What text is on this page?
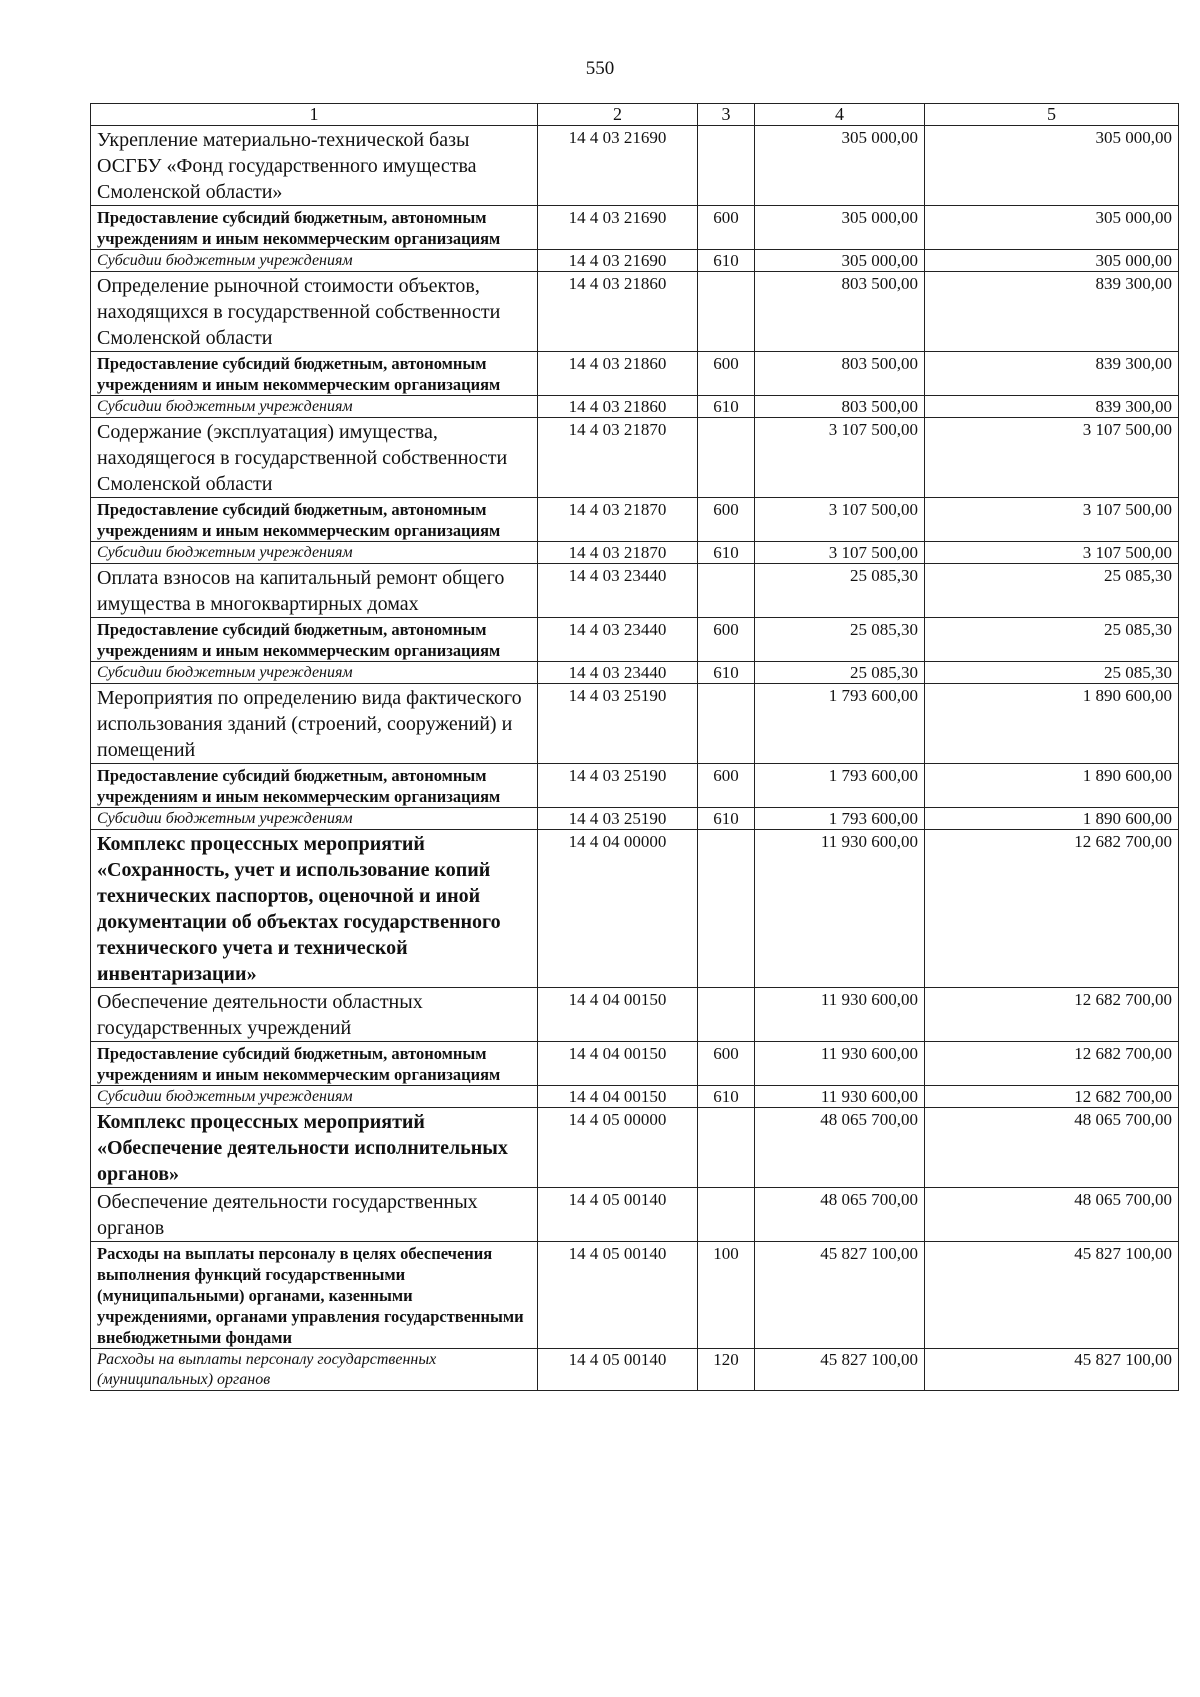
550
1	2	3	4	5
Укрепление материально-технической базы ОСГБУ «Фонд государственного имущества Смоленской области»	14 4 03 21690		305 000,00	305 000,00
Предоставление субсидий бюджетным, автономным учреждениям и иным некоммерческим организациям	14 4 03 21690	600	305 000,00	305 000,00
Субсидии бюджетным учреждениям	14 4 03 21690	610	305 000,00	305 000,00
Определение рыночной стоимости объектов, находящихся в государственной собственности Смоленской области	14 4 03 21860		803 500,00	839 300,00
Предоставление субсидий бюджетным, автономным учреждениям и иным некоммерческим организациям	14 4 03 21860	600	803 500,00	839 300,00
Субсидии бюджетным учреждениям	14 4 03 21860	610	803 500,00	839 300,00
Содержание (эксплуатация) имущества, находящегося в государственной собственности Смоленской области	14 4 03 21870		3 107 500,00	3 107 500,00
Предоставление субсидий бюджетным, автономным учреждениям и иным некоммерческим организациям	14 4 03 21870	600	3 107 500,00	3 107 500,00
Субсидии бюджетным учреждениям	14 4 03 21870	610	3 107 500,00	3 107 500,00
Оплата взносов на капитальный ремонт общего имущества в многоквартирных домах	14 4 03 23440		25 085,30	25 085,30
Предоставление субсидий бюджетным, автономным учреждениям и иным некоммерческим организациям	14 4 03 23440	600	25 085,30	25 085,30
Субсидии бюджетным учреждениям	14 4 03 23440	610	25 085,30	25 085,30
Мероприятия по определению вида фактического использования зданий (строений, сооружений) и помещений	14 4 03 25190		1 793 600,00	1 890 600,00
Предоставление субсидий бюджетным, автономным учреждениям и иным некоммерческим организациям	14 4 03 25190	600	1 793 600,00	1 890 600,00
Субсидии бюджетным учреждениям	14 4 03 25190	610	1 793 600,00	1 890 600,00
Комплекс процессных мероприятий «Сохранность, учет и использование копий технических паспортов, оценочной и иной документации об объектах государственного технического учета и технической инвентаризации»	14 4 04 00000		11 930 600,00	12 682 700,00
Обеспечение деятельности областных государственных учреждений	14 4 04 00150		11 930 600,00	12 682 700,00
Предоставление субсидий бюджетным, автономным учреждениям и иным некоммерческим организациям	14 4 04 00150	600	11 930 600,00	12 682 700,00
Субсидии бюджетным учреждениям	14 4 04 00150	610	11 930 600,00	12 682 700,00
Комплекс процессных мероприятий «Обеспечение деятельности исполнительных органов»	14 4 05 00000		48 065 700,00	48 065 700,00
Обеспечение деятельности государственных органов	14 4 05 00140		48 065 700,00	48 065 700,00
Расходы на выплаты персоналу в целях обеспечения выполнения функций государственными (муниципальными) органами, казенными учреждениями, органами управления государственными внебюджетными фондами	14 4 05 00140	100	45 827 100,00	45 827 100,00
Расходы на выплаты персоналу государственных (муниципальных) органов	14 4 05 00140	120	45 827 100,00	45 827 100,00
